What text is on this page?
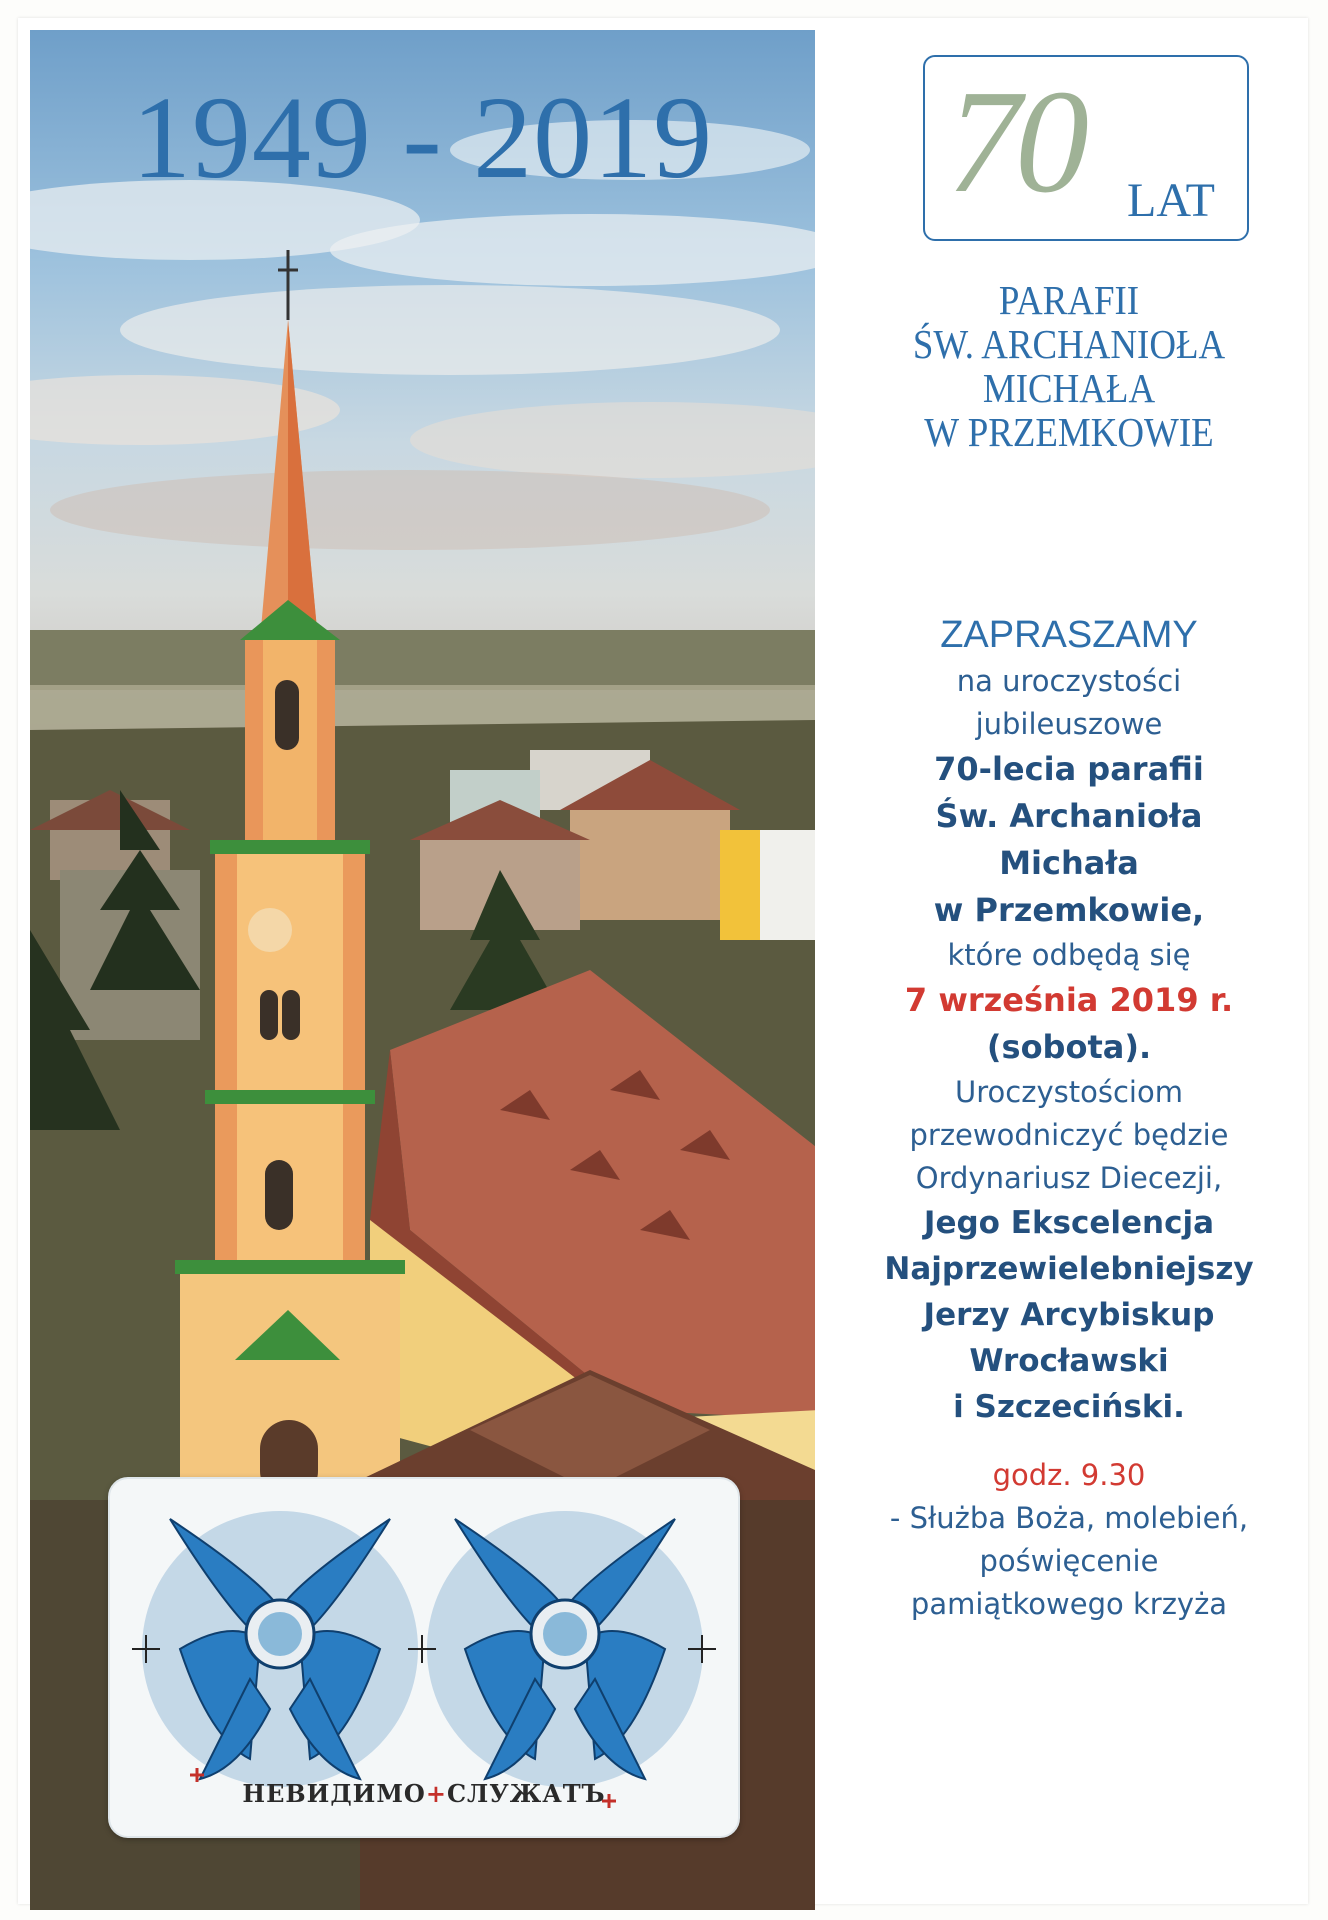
1949 - 2019
НЕВИДИМО+СЛУЖАТЪ
70 LAT
PARAFII
ŚW. ARCHANIOŁA
MICHAŁA
W PRZEMKOWIE
ZAPRASZAMY
na uroczystości
jubileuszowe
70-lecia parafii
Św. Archanioła
Michała
w Przemkowie,
które odbędą się
7 września 2019 r.
(sobota).
Uroczystościom
przewodniczyć będzie
Ordynariusz Diecezji,
Jego Ekscelencja
Najprzewielebniejszy
Jerzy Arcybiskup
Wrocławski
i Szczeciński.
godz. 9.30
- Służba Boża, molebień,
poświęcenie
pamiątkowego krzyża
